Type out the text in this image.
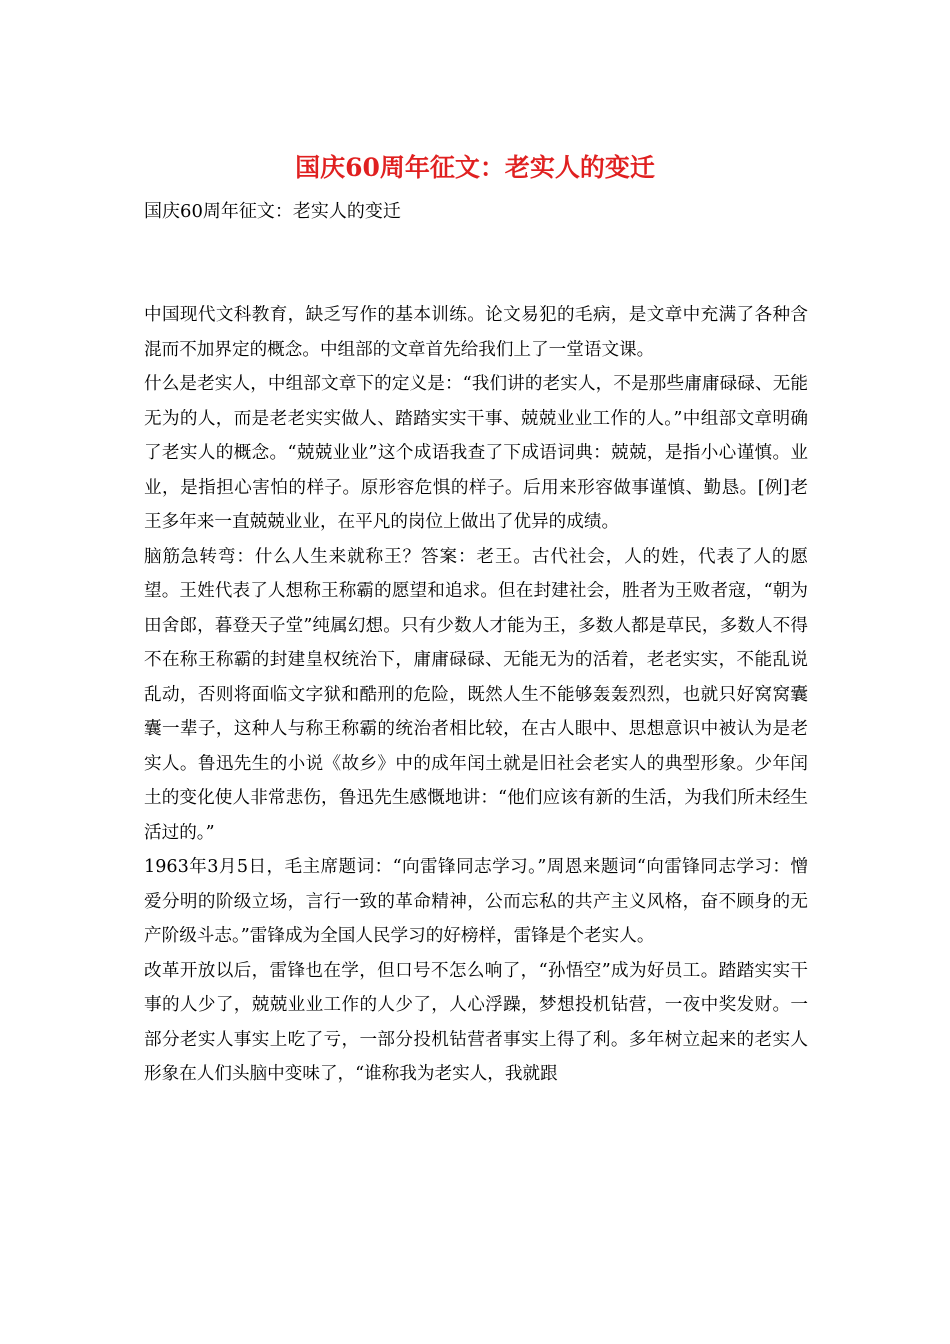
国庆60周年征文：老实人的变迁

国庆60周年征文：老实人的变迁

中国现代文科教育，缺乏写作的基本训练。论文易犯的毛病，是文章中充满了各种含混而不加界定的概念。中组部的文章首先给我们上了一堂语文课。

什么是老实人，中组部文章下的定义是：“我们讲的老实人，不是那些庸庸碌碌、无能无为的人，而是老老实实做人、踏踏实实干事、兢兢业业工作的人。”中组部文章明确了老实人的概念。“兢兢业业”这个成语我查了下成语词典：兢兢，是指小心谨慎。业业，是指担心害怕的样子。原形容危惧的样子。后用来形容做事谨慎、勤恳。[例]老王多年来一直兢兢业业，在平凡的岗位上做出了优异的成绩。

脑筋急转弯：什么人生来就称王？答案：老王。古代社会，人的姓，代表了人的愿望。王姓代表了人想称王称霸的愿望和追求。但在封建社会，胜者为王败者寇，“朝为田舍郎，暮登天子堂”纯属幻想。只有少数人才能为王，多数人都是草民，多数人不得不在称王称霸的封建皇权统治下，庸庸碌碌、无能无为的活着，老老实实，不能乱说乱动，否则将面临文字狱和酷刑的危险，既然人生不能够轰轰烈烈，也就只好窝窝囊囊一辈子，这种人与称王称霸的统治者相比较，在古人眼中、思想意识中被认为是老实人。鲁迅先生的小说《故乡》中的成年闰土就是旧社会老实人的典型形象。少年闰土的变化使人非常悲伤，鲁迅先生感慨地讲：“他们应该有新的生活，为我们所未经生活过的。”

1963年3月5日，毛主席题词：“向雷锋同志学习。”周恩来题词“向雷锋同志学习：憎爱分明的阶级立场，言行一致的革命精神，公而忘私的共产主义风格，奋不顾身的无产阶级斗志。”雷锋成为全国人民学习的好榜样，雷锋是个老实人。

改革开放以后，雷锋也在学，但口号不怎么响了，“孙悟空”成为好员工。踏踏实实干事的人少了，兢兢业业工作的人少了，人心浮躁，梦想投机钻营，一夜中奖发财。一部分老实人事实上吃了亏，一部分投机钻营者事实上得了利。多年树立起来的老实人形象在人们头脑中变味了，“谁称我为老实人，我就跟
